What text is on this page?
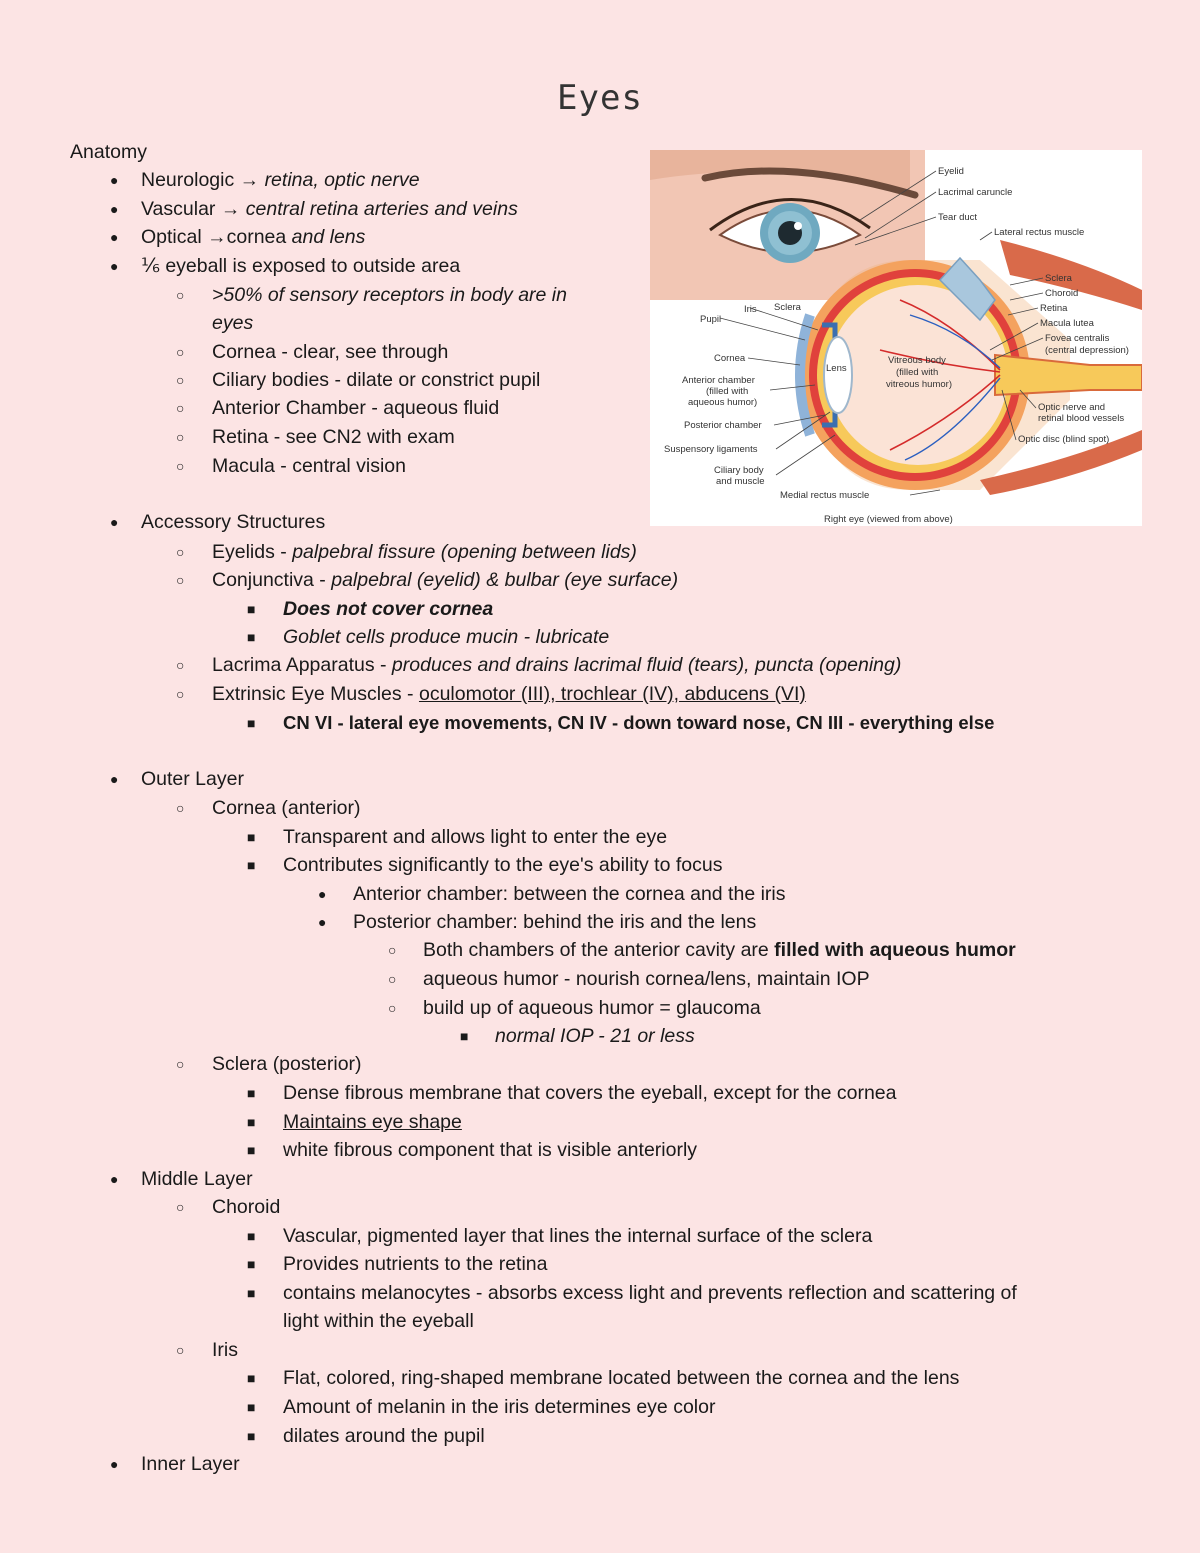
Eyes
Anatomy
● Neurologic → retina, optic nerve
● Vascular → central retina arteries and veins
● Optical →cornea and lens
● ⅙ eyeball is exposed to outside area
○ >50% of sensory receptors in body are in
eyes
○ Cornea - clear, see through
○ Ciliary bodies - dilate or constrict pupil
○ Anterior Chamber - aqueous fluid
○ Retina - see CN2 with exam
○ Macula - central vision
● Accessory Structures
○ Eyelids - palpebral fissure (opening between lids)
○ Conjunctiva - palpebral (eyelid) & bulbar (eye surface)
■ Does not cover cornea
■ Goblet cells produce mucin - lubricate
○ Lacrima Apparatus - produces and drains lacrimal fluid (tears), puncta (opening)
○ Extrinsic Eye Muscles - oculomotor (III), trochlear (IV), abducens (VI)
■ CN VI - lateral eye movements, CN IV - down toward nose, CN III - everything else
● Outer Layer
○ Cornea (anterior)
■ Transparent and allows light to enter the eye
■ Contributes significantly to the eye's ability to focus
● Anterior chamber: between the cornea and the iris
● Posterior chamber: behind the iris and the lens
○ Both chambers of the anterior cavity are filled with aqueous humor
○ aqueous humor - nourish cornea/lens, maintain IOP
○ build up of aqueous humor = glaucoma
■ normal IOP - 21 or less
○ Sclera (posterior)
■ Dense fibrous membrane that covers the eyeball, except for the cornea
■ Maintains eye shape
■ white fibrous component that is visible anteriorly
● Middle Layer
○ Choroid
■ Vascular, pigmented layer that lines the internal surface of the sclera
■ Provides nutrients to the retina
■ contains melanocytes - absorbs excess light and prevents reflection and scattering of
light within the eyeball
○ Iris
■ Flat, colored, ring-shaped membrane located between the cornea and the lens
■ Amount of melanin in the iris determines eye color
■ dilates around the pupil
● Inner Layer
Eyelid
Lacrimal caruncle
Tear duct
Lateral rectus muscle
Sclera
Choroid
Retina
Macula lutea
Fovea centralis
(central depression)
Sclera
Iris
Pupil
Cornea
Lens
Vitreous body
(filled with
vitreous humor)
Anterior chamber
(filled with
aqueous humor)
Posterior chamber
Suspensory ligaments
Ciliary body
and muscle
Medial rectus muscle
Optic nerve and
retinal blood vessels
Optic disc (blind spot)
Right eye (viewed from above)
